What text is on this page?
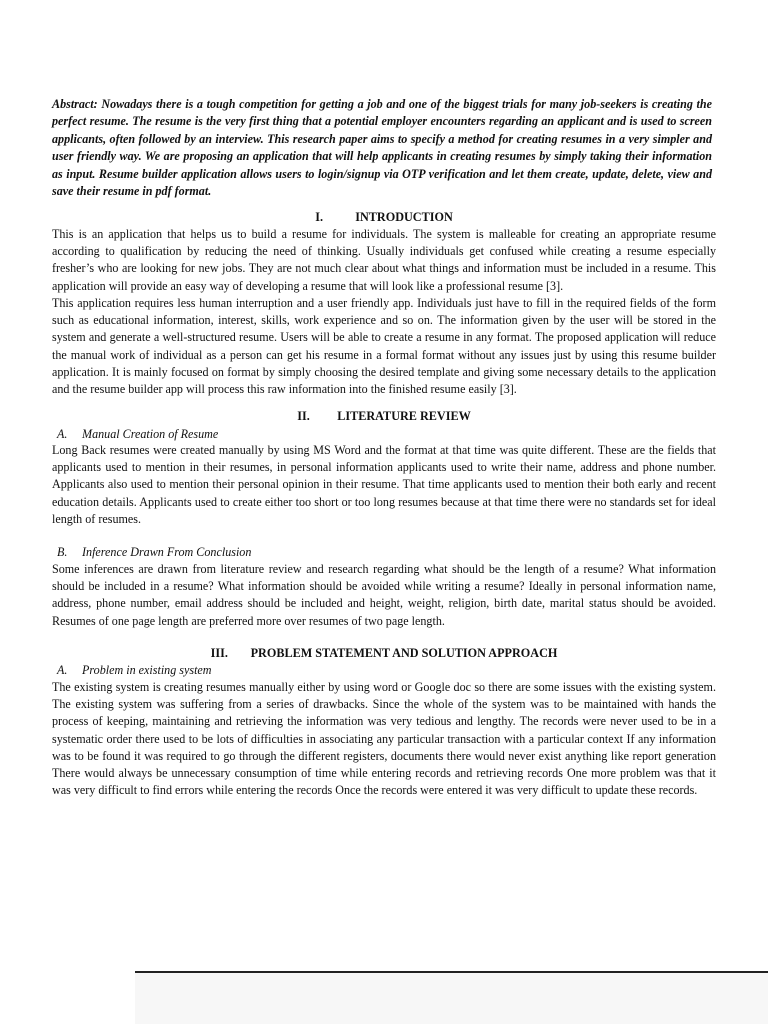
Abstract: Nowadays there is a tough competition for getting a job and one of the biggest trials for many job-seekers is creating the perfect resume. The resume is the very first thing that a potential employer encounters regarding an applicant and is used to screen applicants, often followed by an interview. This research paper aims to specify a method for creating resumes in a very simpler and user friendly way. We are proposing an application that will help applicants in creating resumes by simply taking their information as input. Resume builder application allows users to login/signup via OTP verification and let them create, update, delete, view and save their resume in pdf format.

I.	INTRODUCTION

This is an application that helps us to build a resume for individuals. The system is malleable for creating an appropriate resume according to qualification by reducing the need of thinking. Usually individuals get confused while creating a resume especially fresher’s who are looking for new jobs. They are not much clear about what things and information must be included in a resume. This application will provide an easy way of developing a resume that will look like a professional resume [3].

This application requires less human interruption and a user friendly app. Individuals just have to fill in the required fields of the form such as educational information, interest, skills, work experience and so on. The information given by the user will be stored in the system and generate a well-structured resume. Users will be able to create a resume in any format. The proposed application will reduce the manual work of individual as a person can get his resume in a formal format without any issues just by using this resume builder application. It is mainly focused on format by simply choosing the desired template and giving some necessary details to the application and the resume builder app will process this raw information into the finished resume easily [3].

II. LITERATURE REVIEW

A. Manual Creation of Resume

Long Back resumes were created manually by using MS Word and the format at that time was quite different. These are the fields that applicants used to mention in their resumes, in personal information applicants used to write their name, address and phone number. Applicants also used to mention their personal opinion in their resume. That time applicants used to mention their both early and recent education details. Applicants used to create either too short or too long resumes because at that time there were no standards set for ideal length of resumes.

B. Inference Drawn From Conclusion

Some inferences are drawn from literature review and research regarding what should be the length of a resume? What information should be included in a resume? What information should be avoided while writing a resume? Ideally in personal information name, address, phone number, email address should be included and height, weight, religion, birth date, marital status should be avoided. Resumes of one page length are preferred more over resumes of two page length.

III. PROBLEM STATEMENT AND SOLUTION APPROACH

A. Problem in existing system

The existing system is creating resumes manually either by using word or Google doc so there are some issues with the existing system. The existing system was suffering from a series of drawbacks. Since the whole of the system was to be maintained with hands the process of keeping, maintaining and retrieving the information was very tedious and lengthy. The records were never used to be in a systematic order there used to be lots of difficulties in associating any particular transaction with a particular context If any information was to be found it was required to go through the different registers, documents there would never exist anything like report generation There would always be unnecessary consumption of time while entering records and retrieving records One more problem was that it was very difficult to find errors while entering the records Once the records were entered it was very difficult to update these records.
